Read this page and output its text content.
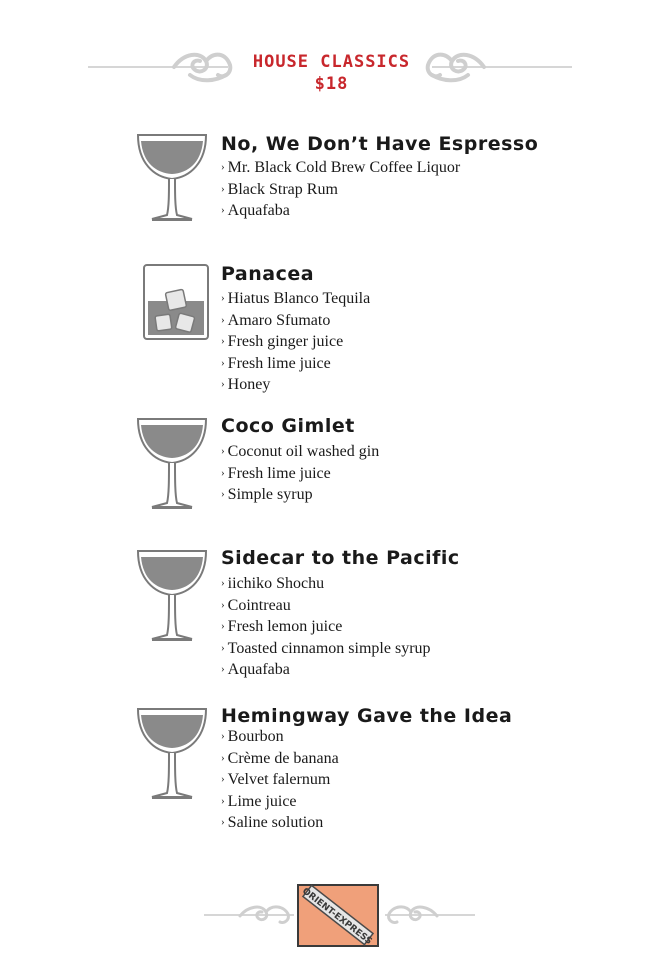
HOUSE CLASSICS
$18
No, We Don’t Have Espresso
› Mr. Black Cold Brew Coffee Liquor
› Black Strap Rum
› Aquafaba
Panacea
› Hiatus Blanco Tequila
› Amaro Sfumato
› Fresh ginger juice
› Fresh lime juice
› Honey
Coco Gimlet
› Coconut oil washed gin
› Fresh lime juice
› Simple syrup
Sidecar to the Pacific
› iichiko Shochu
› Cointreau
› Fresh lemon juice
› Toasted cinnamon simple syrup
› Aquafaba
Hemingway Gave the Idea
› Bourbon
› Crème de banana
› Velvet falernum
› Lime juice
› Saline solution
ORIENT-EXPRESS
